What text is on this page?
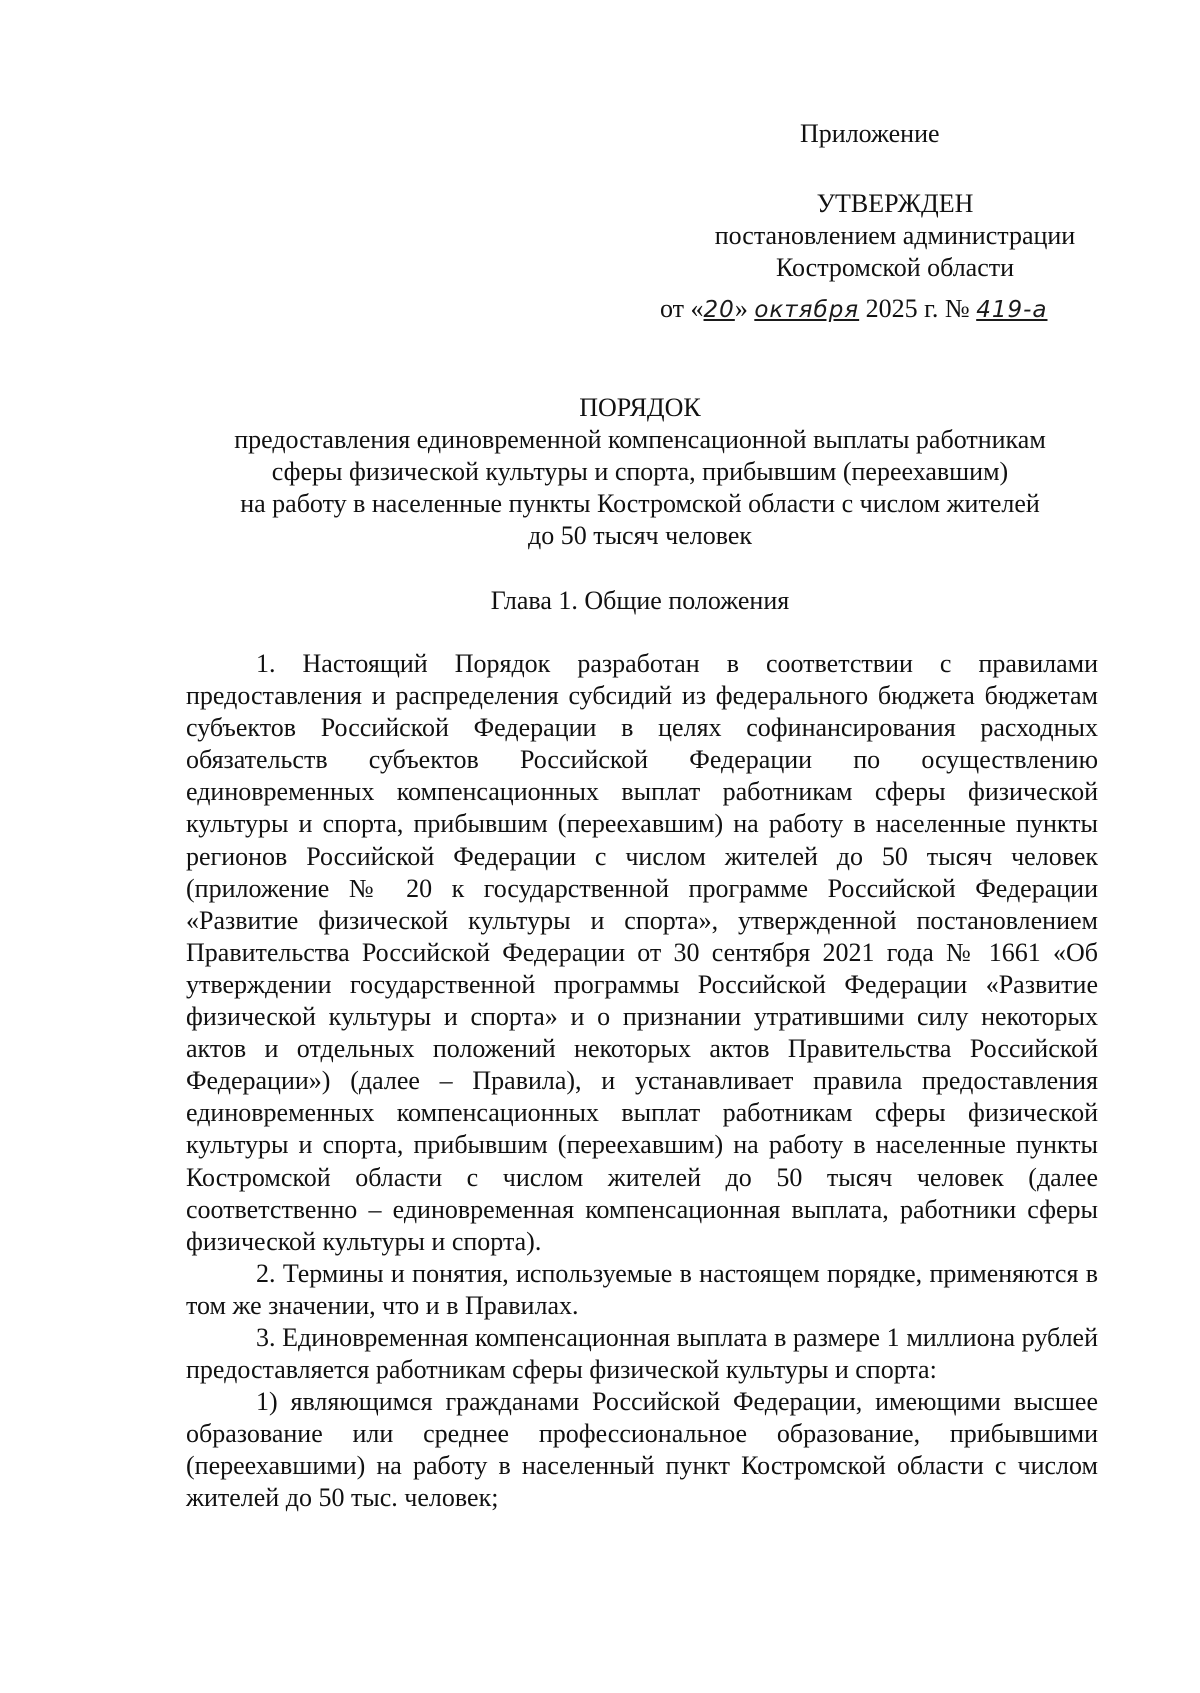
Приложение
УТВЕРЖДЕН
постановлением администрации
Костромской области
от «20» октября 2025 г. № 419-а
ПОРЯДОК
предоставления единовременной компенсационной выплаты работникам
сферы физической культуры и спорта, прибывшим (переехавшим)
на работу в населенные пункты Костромской области с числом жителей
до 50 тысяч человек
Глава 1. Общие положения

1. Настоящий Порядок разработан в соответствии с правилами предоставления и распределения субсидий из федерального бюджета бюджетам субъектов Российской Федерации в целях софинансирования расходных обязательств субъектов Российской Федерации по осуществлению единовременных компенсационных выплат работникам сферы физической культуры и спорта, прибывшим (переехавшим) на работу в населенные пункты регионов Российской Федерации с числом жителей до 50 тысяч человек (приложение № 20 к государственной программе Российской Федерации «Развитие физической культуры и спорта», утвержденной постановлением Правительства Российской Федерации от 30 сентября 2021 года № 1661 «Об утверждении государственной программы Российской Федерации «Развитие физической культуры и спорта» и о признании утратившими силу некоторых актов и отдельных положений некоторых актов Правительства Российской Федерации») (далее – Правила), и устанавливает правила предоставления единовременных компенсационных выплат работникам сферы физической культуры и спорта, прибывшим (переехавшим) на работу в населенные пункты Костромской области с числом жителей до 50 тысяч человек (далее соответственно – единовременная компенсационная выплата, работники сферы физической культуры и спорта).

2. Термины и понятия, используемые в настоящем порядке, применяются в том же значении, что и в Правилах.

3. Единовременная компенсационная выплата в размере 1 миллиона рублей предоставляется работникам сферы физической культуры и спорта:

1) являющимся гражданами Российской Федерации, имеющими высшее образование или среднее профессиональное образование, прибывшими (переехавшими) на работу в населенный пункт Костромской области с числом жителей до 50 тыс. человек;
